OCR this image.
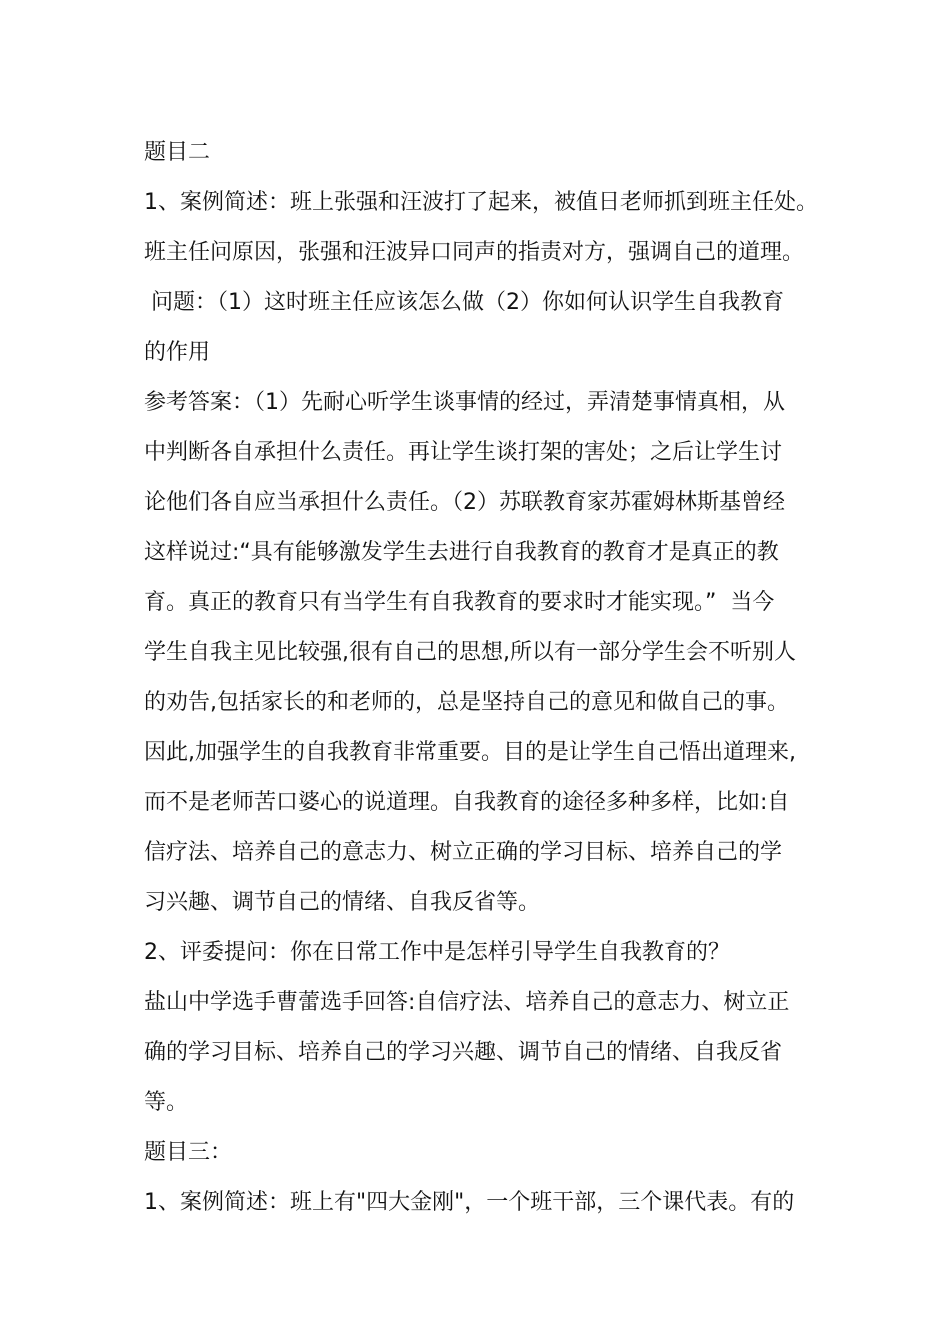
题目二
1、案例简述：班上张强和汪波打了起来，被值日老师抓到班主任处。
班主任问原因，张强和汪波异口同声的指责对方，强调自己的道理。
问题：（1）这时班主任应该怎么做（2）你如何认识学生自我教育
的作用
参考答案：（1）先耐心听学生谈事情的经过，弄清楚事情真相，从
中判断各自承担什么责任。再让学生谈打架的害处；之后让学生讨
论他们各自应当承担什么责任。（2）苏联教育家苏霍姆林斯基曾经
这样说过:“具有能够激发学生去进行自我教育的教育才是真正的教
育。真正的教育只有当学生有自我教育的要求时才能实现。”  当今
学生自我主见比较强,很有自己的思想,所以有一部分学生会不听别人
的劝告,包括家长的和老师的，总是坚持自己的意见和做自己的事。
因此,加强学生的自我教育非常重要。目的是让学生自己悟出道理来,
而不是老师苦口婆心的说道理。自我教育的途径多种多样，比如:自
信疗法、培养自己的意志力、树立正确的学习目标、培养自己的学
习兴趣、调节自己的情绪、自我反省等。
2、评委提问：你在日常工作中是怎样引导学生自我教育的？
盐山中学选手曹蕾选手回答:自信疗法、培养自己的意志力、树立正
确的学习目标、培养自己的学习兴趣、调节自己的情绪、自我反省
等。
题目三：
1、案例简述：班上有"四大金刚"，一个班干部，三个课代表。有的
